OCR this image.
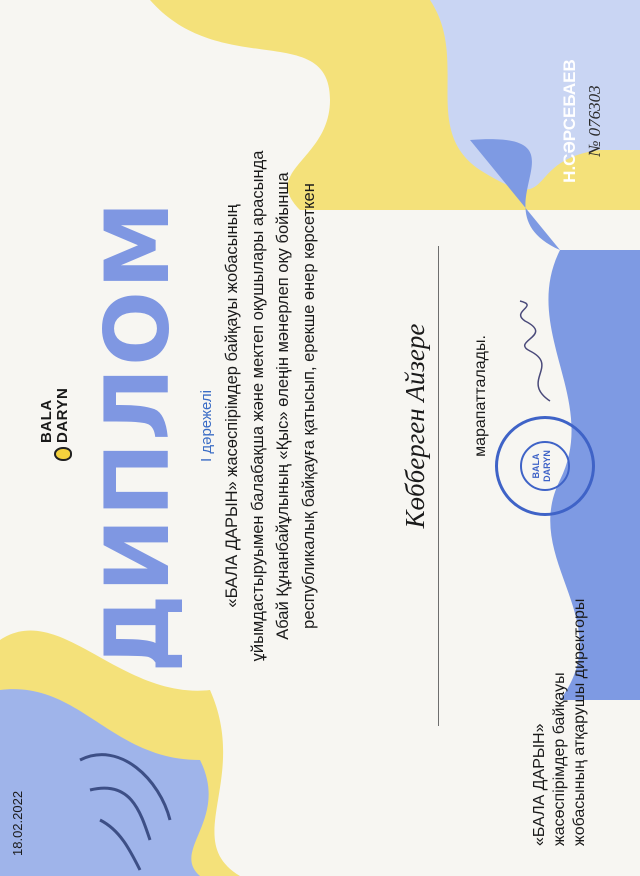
18.02.2022
BALA DARYN ДИПЛОМ І дәрежелі «БАЛА ДАРЫН» жасөспірімдер байқауы жобасының ұйымдастыруымен балабақша және мектеп оқушылары арасында Абай Құнанбайұлының «Қыс» өлеңін мәнерлеп оқу бойынша республикалық байқауға қатысып, ерекше өнер көрсеткен	Көбберген Айзере	марапатталады.
«БАЛА ДАРЫН» жасөспірімдер байқауы жобасының атқарушы директоры
BALA DARYN
Н.СӘРСЕБАЕВ № 076303
